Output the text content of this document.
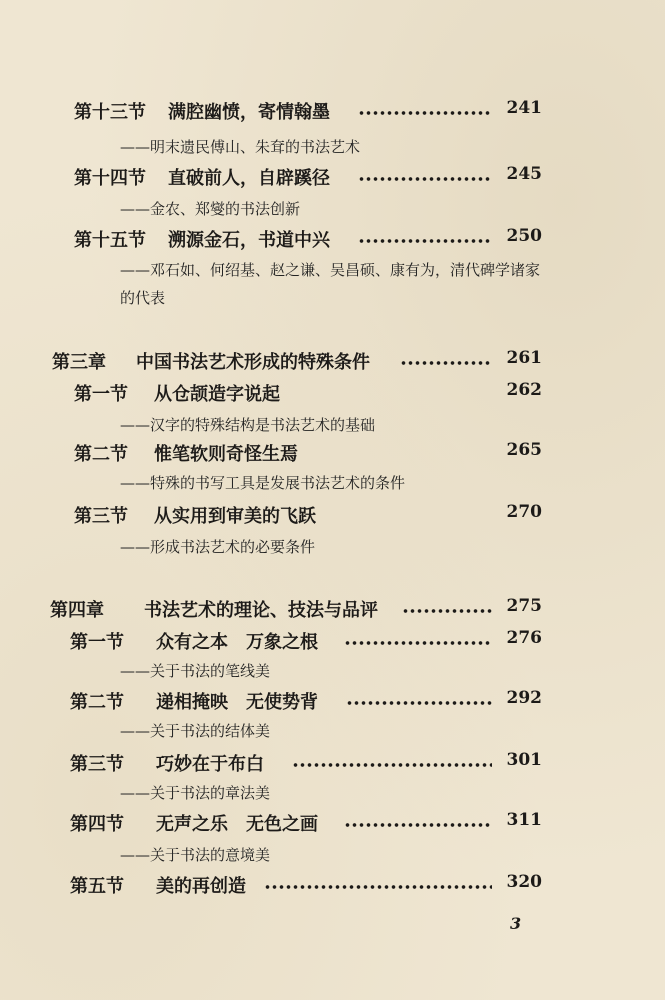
第十三节 满腔幽愤，寄情翰墨	241
——明末遗民傅山、朱耷的书法艺术
第十四节 直破前人，自辟蹊径	245
——金农、郑燮的书法创新
第十五节 溯源金石，书道中兴	250
——邓石如、何绍基、赵之谦、吴昌硕、康有为，清代碑学诸家的代表
第三章 中国书法艺术形成的特殊条件	261
第一节 从仓颉造字说起	262
——汉字的特殊结构是书法艺术的基础
第二节 惟笔软则奇怪生焉	265
——特殊的书写工具是发展书法艺术的条件
第三节 从实用到审美的飞跃	270
——形成书法艺术的必要条件
第四章 书法艺术的理论、技法与品评	275
第一节 众有之本　万象之根	276
——关于书法的笔线美
第二节 递相掩映　无使势背	292
——关于书法的结体美
第三节 巧妙在于布白	301
——关于书法的章法美
第四节 无声之乐　无色之画	311
——关于书法的意境美
第五节 美的再创造	320
3
